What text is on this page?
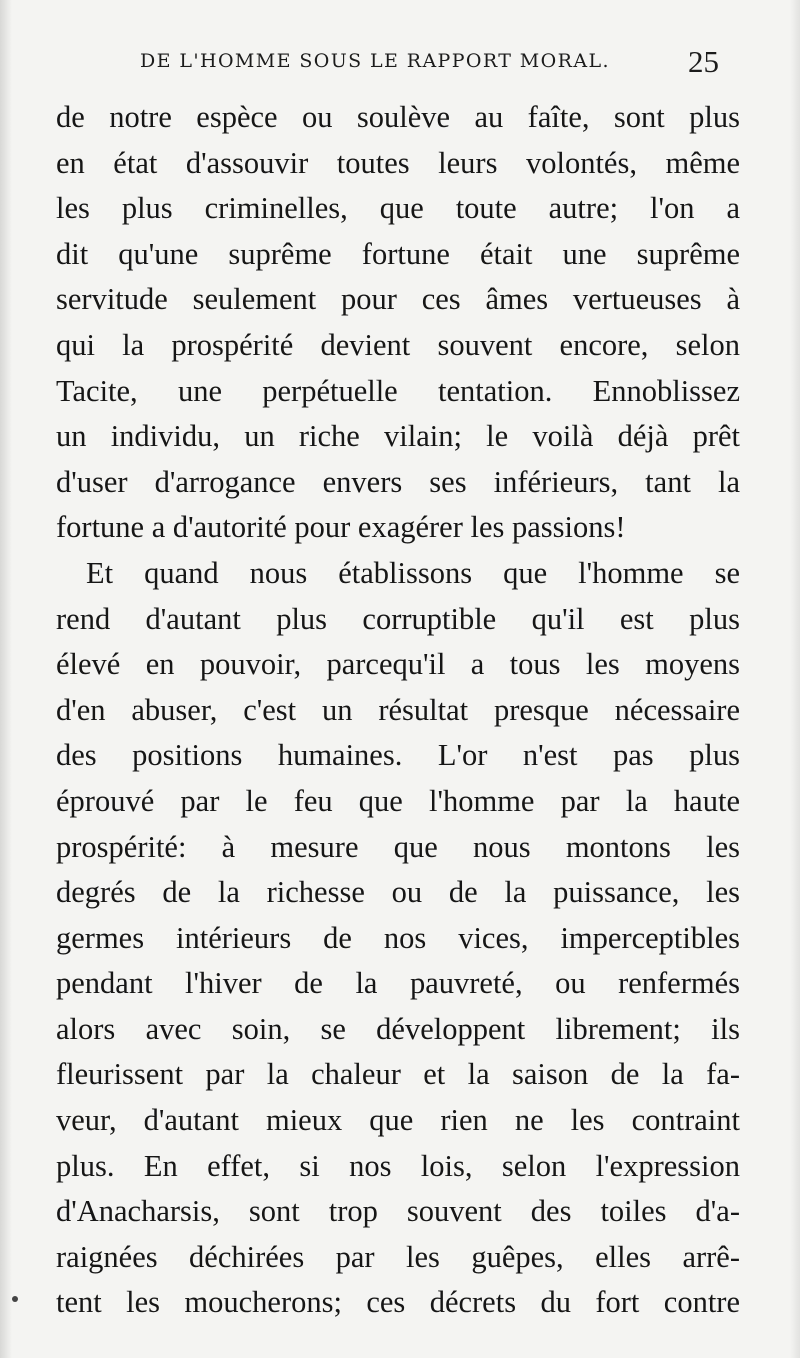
DE L'HOMME SOUS LE RAPPORT MORAL.	25
de notre espèce ou soulève au faîte, sont plus
en état d'assouvir toutes leurs volontés, même
les plus criminelles, que toute autre; l'on a
dit qu'une suprême fortune était une suprême
servitude seulement pour ces âmes vertueuses à
qui la prospérité devient souvent encore, selon
Tacite, une perpétuelle tentation. Ennoblissez
un individu, un riche vilain; le voilà déjà prêt
d'user d'arrogance envers ses inférieurs, tant la
fortune a d'autorité pour exagérer les passions!
Et quand nous établissons que l'homme se
rend d'autant plus corruptible qu'il est plus
élevé en pouvoir, parcequ'il a tous les moyens
d'en abuser, c'est un résultat presque nécessaire
des positions humaines. L'or n'est pas plus
éprouvé par le feu que l'homme par la haute
prospérité: à mesure que nous montons les
degrés de la richesse ou de la puissance, les
germes intérieurs de nos vices, imperceptibles
pendant l'hiver de la pauvreté, ou renfermés
alors avec soin, se développent librement; ils
fleurissent par la chaleur et la saison de la fa-
veur, d'autant mieux que rien ne les contraint
plus. En effet, si nos lois, selon l'expression
d'Anacharsis, sont trop souvent des toiles d'a-
raignées déchirées par les guêpes, elles arrê-
tent les moucherons; ces décrets du fort contre
